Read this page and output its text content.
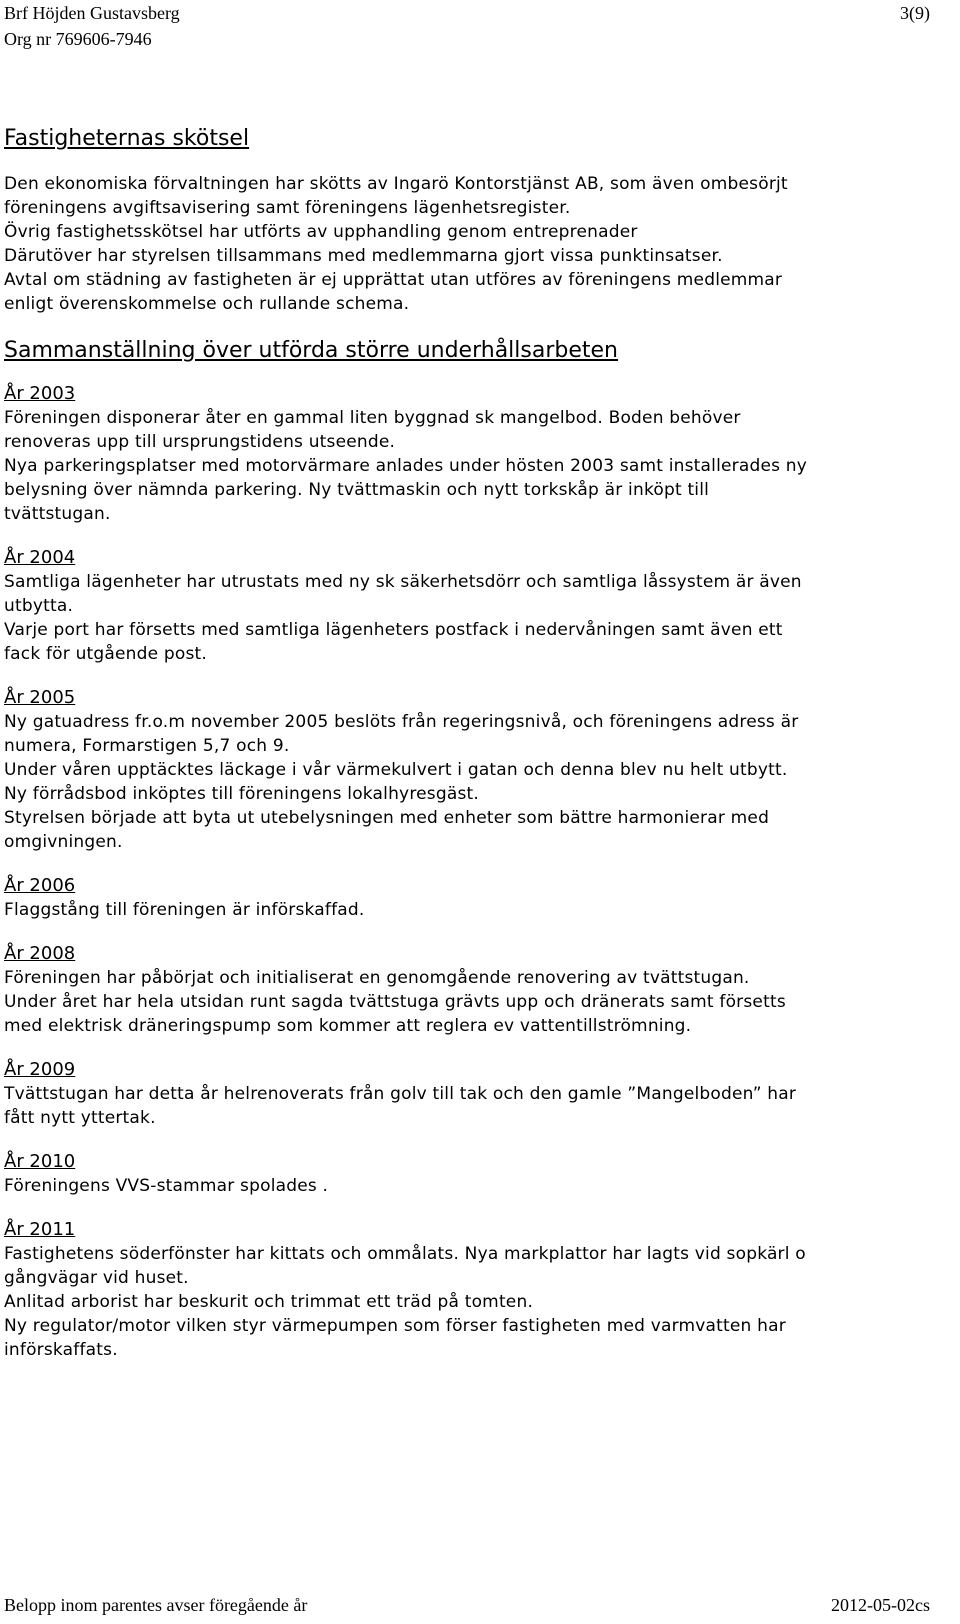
Brf Höjden Gustavsberg	3(9)
Org nr 769606-7946
Fastigheternas skötsel
Den ekonomiska förvaltningen har skötts av Ingarö Kontorstjänst AB, som även ombesörjt
föreningens avgiftsavisering samt föreningens lägenhetsregister.
Övrig fastighetsskötsel har utförts av upphandling genom entreprenader
Därutöver har styrelsen tillsammans med medlemmarna gjort vissa punktinsatser.
Avtal om städning av fastigheten är ej upprättat utan utföres av föreningens medlemmar
enligt överenskommelse och rullande schema.
Sammanställning över utförda större underhållsarbeten
År 2003
Föreningen disponerar åter en gammal liten byggnad sk mangelbod. Boden behöver
renoveras upp till ursprungstidens utseende.
Nya parkeringsplatser med motorvärmare anlades under hösten 2003 samt installerades ny
belysning över nämnda parkering. Ny tvättmaskin och nytt torkskåp är inköpt till
tvättstugan.
År 2004
Samtliga lägenheter har utrustats med ny sk säkerhetsdörr och samtliga låssystem är även
utbytta.
Varje port har försetts med samtliga lägenheters postfack i nedervåningen samt även ett
fack för utgående post.
År 2005
Ny gatuadress fr.o.m november 2005 beslöts från regeringsnivå, och föreningens adress är
numera, Formarstigen 5,7 och 9.
Under våren upptäcktes läckage i vår värmekulvert i gatan och denna blev nu helt utbytt.
Ny förrådsbod inköptes till föreningens lokalhyresgäst.
Styrelsen började att byta ut utebelysningen med enheter som bättre harmonierar med
omgivningen.
År 2006
Flaggstång till föreningen är införskaffad.
År 2008
Föreningen har påbörjat och initialiserat en genomgående renovering av tvättstugan.
Under året har hela utsidan runt sagda tvättstuga grävts upp och dränerats samt försetts
med elektrisk dräneringspump som kommer att reglera ev vattentillströmning.
År 2009
Tvättstugan har detta år helrenoverats från golv till tak och den gamle ”Mangelboden” har
fått nytt yttertak.
År 2010
Föreningens VVS-stammar spolades .
År 2011
Fastighetens söderfönster har kittats och ommålats. Nya markplattor har lagts vid sopkärl o
gångvägar vid huset.
Anlitad arborist har beskurit och trimmat ett träd på tomten.
Ny regulator/motor vilken styr värmepumpen som förser fastigheten med varmvatten har
införskaffats.
Belopp inom parentes avser föregående år	2012-05-02cs
